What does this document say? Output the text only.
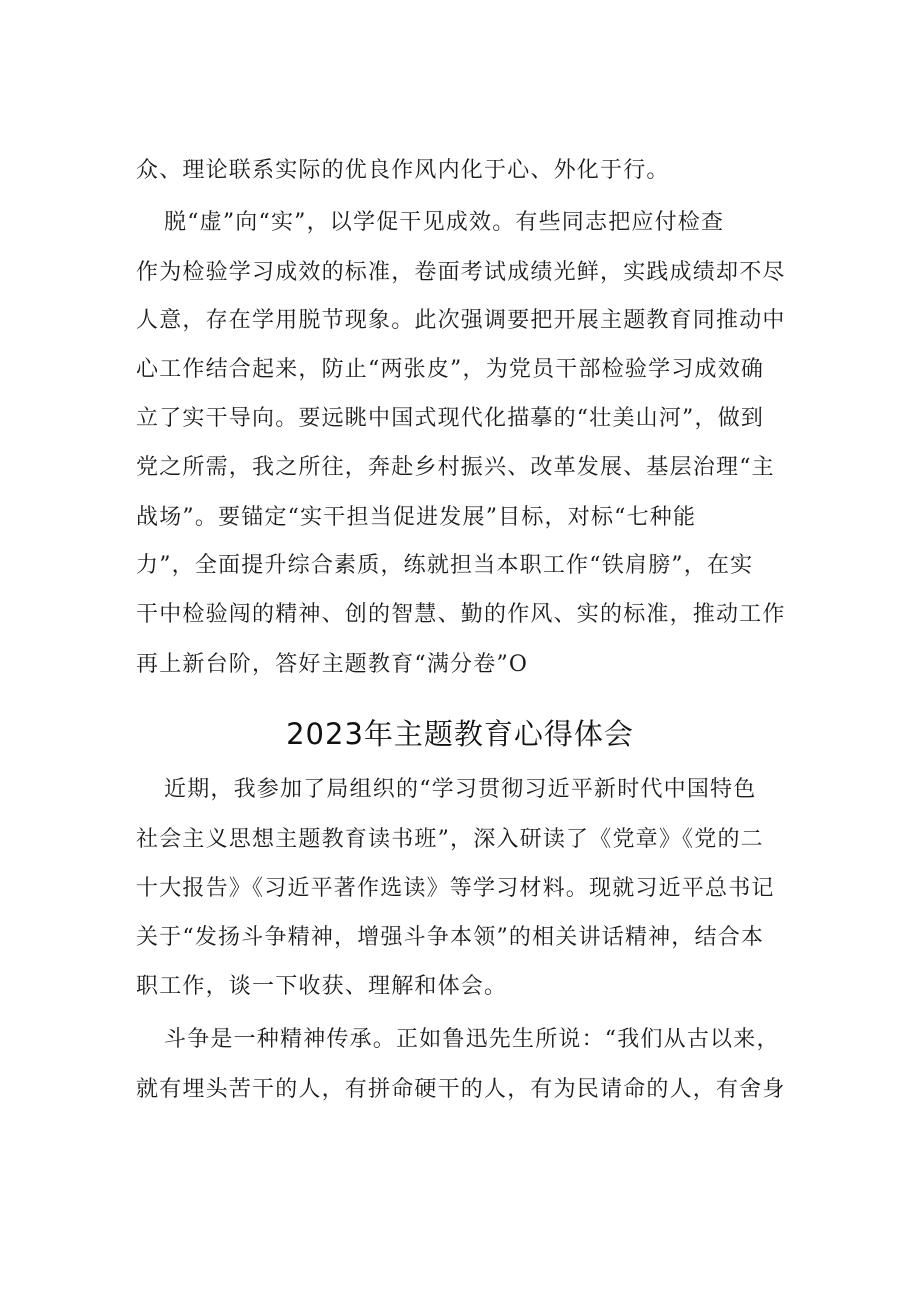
众、理论联系实际的优良作风内化于心、外化于行。
脱“虚”向“实”，以学促干见成效。有些同志把应付检查
作为检验学习成效的标准，卷面考试成绩光鲜，实践成绩却不尽
人意，存在学用脱节现象。此次强调要把开展主题教育同推动中
心工作结合起来，防止“两张皮”，为党员干部检验学习成效确
立了实干导向。要远眺中国式现代化描摹的“壮美山河”，做到
党之所需，我之所往，奔赴乡村振兴、改革发展、基层治理“主
战场”。要锚定“实干担当促进发展”目标，对标“七种能
力”，全面提升综合素质，练就担当本职工作“铁肩膀”，在实
干中检验闯的精神、创的智慧、勤的作风、实的标准，推动工作
再上新台阶，答好主题教育“满分卷”O
2023年主题教育心得体会
近期，我参加了局组织的“学习贯彻习近平新时代中国特色
社会主义思想主题教育读书班”，深入研读了《党章》《党的二
十大报告》《习近平著作选读》等学习材料。现就习近平总书记
关于“发扬斗争精神，增强斗争本领”的相关讲话精神，结合本
职工作，谈一下收获、理解和体会。
斗争是一种精神传承。正如鲁迅先生所说：“我们从古以来，
就有埋头苦干的人，有拼命硬干的人，有为民请命的人，有舍身
